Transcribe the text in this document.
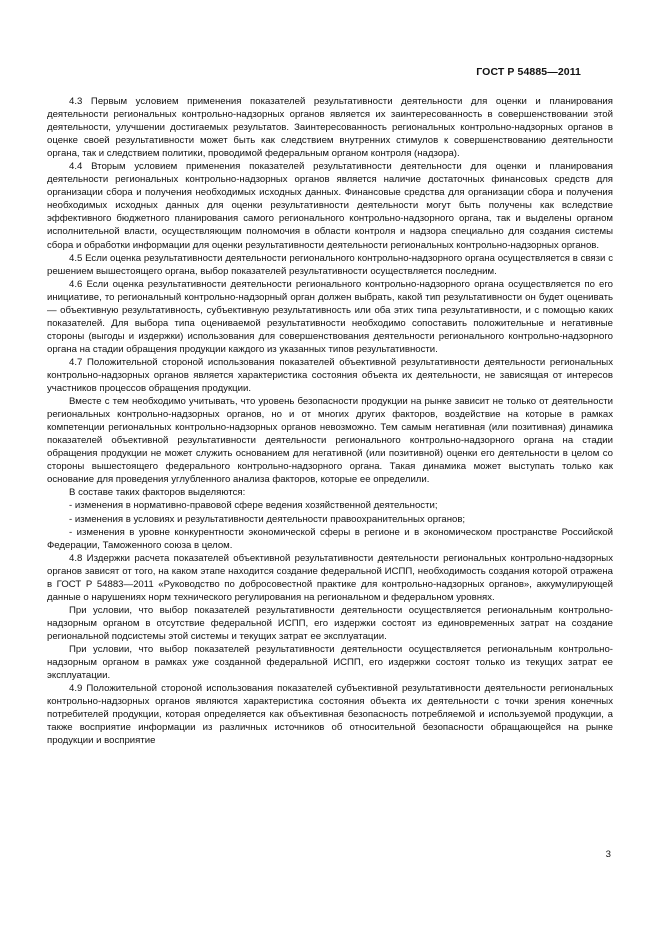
ГОСТ Р 54885—2011

4.3 Первым условием применения показателей результативности деятельности для оценки и планирования деятельности региональных контрольно-надзорных органов является их заинтересованность в совершенствовании этой деятельности, улучшении достигаемых результатов. Заинтересованность региональных контрольно-надзорных органов в оценке своей результативности может быть как следствием внутренних стимулов к совершенствованию деятельности органа, так и следствием политики, проводимой федеральным органом контроля (надзора).

4.4 Вторым условием применения показателей результативности деятельности для оценки и планирования деятельности региональных контрольно-надзорных органов является наличие достаточных финансовых средств для организации сбора и получения необходимых исходных данных. Финансовые средства для организации сбора и получения необходимых исходных данных для оценки результативности деятельности могут быть получены как вследствие эффективного бюджетного планирования самого регионального контрольно-надзорного органа, так и выделены органом исполнительной власти, осуществляющим полномочия в области контроля и надзора специально для создания системы сбора и обработки информации для оценки результативности деятельности региональных контрольно-надзорных органов.

4.5 Если оценка результативности деятельности регионального контрольно-надзорного органа осуществляется в связи с решением вышестоящего органа, выбор показателей результативности осуществляется последним.

4.6 Если оценка результативности деятельности регионального контрольно-надзорного органа осуществляется по его инициативе, то региональный контрольно-надзорный орган должен выбрать, какой тип результативности он будет оценивать — объективную результативность, субъективную результативность или оба этих типа результативности, и с помощью каких показателей. Для выбора типа оцениваемой результативности необходимо сопоставить положительные и негативные стороны (выгоды и издержки) использования для совершенствования деятельности регионального контрольно-надзорного органа на стадии обращения продукции каждого из указанных типов результативности.

4.7 Положительной стороной использования показателей объективной результативности деятельности региональных контрольно-надзорных органов является характеристика состояния объекта их деятельности, не зависящая от интересов участников процессов обращения продукции.

Вместе с тем необходимо учитывать, что уровень безопасности продукции на рынке зависит не только от деятельности региональных контрольно-надзорных органов, но и от многих других факторов, воздействие на которые в рамках компетенции региональных контрольно-надзорных органов невозможно. Тем самым негативная (или позитивная) динамика показателей объективной результативности деятельности регионального контрольно-надзорного органа на стадии обращения продукции не может служить основанием для негативной (или позитивной) оценки его деятельности в целом со стороны вышестоящего федерального контрольно-надзорного органа. Такая динамика может выступать только как основание для проведения углубленного анализа факторов, которые ее определили.

В составе таких факторов выделяются:

- изменения в нормативно-правовой сфере ведения хозяйственной деятельности;

- изменения в условиях и результативности деятельности правоохранительных органов;

- изменения в уровне конкурентности экономической сферы в регионе и в экономическом пространстве Российской Федерации, Таможенного союза в целом.

4.8 Издержки расчета показателей объективной результативности деятельности региональных контрольно-надзорных органов зависят от того, на каком этапе находится создание федеральной ИСПП, необходимость создания которой отражена в ГОСТ Р 54883—2011 «Руководство по добросовестной практике для контрольно-надзорных органов», аккумулирующей данные о нарушениях норм технического регулирования на региональном и федеральном уровнях.

При условии, что выбор показателей результативности деятельности осуществляется региональным контрольно-надзорным органом в отсутствие федеральной ИСПП, его издержки состоят из единовременных затрат на создание региональной подсистемы этой системы и текущих затрат ее эксплуатации.

При условии, что выбор показателей результативности деятельности осуществляется региональным контрольно-надзорным органом в рамках уже созданной федеральной ИСПП, его издержки состоят только из текущих затрат ее эксплуатации.

4.9 Положительной стороной использования показателей субъективной результативности деятельности региональных контрольно-надзорных органов являются характеристика состояния объекта их деятельности с точки зрения конечных потребителей продукции, которая определяется как объективная безопасность потребляемой и используемой продукции, а также восприятие информации из различных источников об относительной безопасности обращающейся на рынке продукции и восприятие

3
